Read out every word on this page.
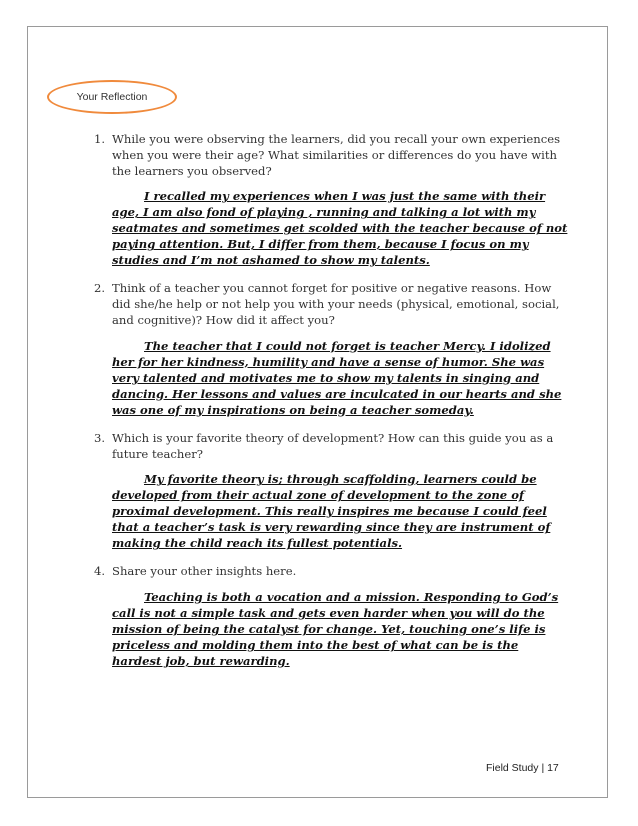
Your Reflection
1. While you were observing the learners, did you recall your own experiences when you were their age? What similarities or differences do you have with the learners you observed?
I recalled my experiences when I was just the same with their age, I am also fond of playing , running and talking a lot with my seatmates and sometimes get scolded with the teacher because of not paying attention. But, I differ from them, because I focus on my studies and I’m not ashamed to show my talents.
2. Think of a teacher you cannot forget for positive or negative reasons. How did she/he help or not help you with your needs (physical, emotional, social, and cognitive)? How did it affect you?
The teacher that I could not forget is teacher Mercy. I idolized her for her kindness, humility and have a sense of humor. She was very talented and motivates me to show my talents in singing and dancing. Her lessons and values are inculcated in our hearts and she was one of my inspirations on being a teacher someday.
3. Which is your favorite theory of development? How can this guide you as a future teacher?
My favorite theory is; through scaffolding, learners could be developed from their actual zone of development to the zone of proximal development. This really inspires me because I could feel that a teacher’s task is very rewarding since they are instrument of making the child reach its fullest potentials.
4. Share your other insights here.
Teaching is both a vocation and a mission. Responding to God’s call is not a simple task and gets even harder when you will do the mission of being the catalyst for change. Yet, touching one’s life is priceless and molding them into the best of what can be is the hardest job, but rewarding.
Field Study | 17
